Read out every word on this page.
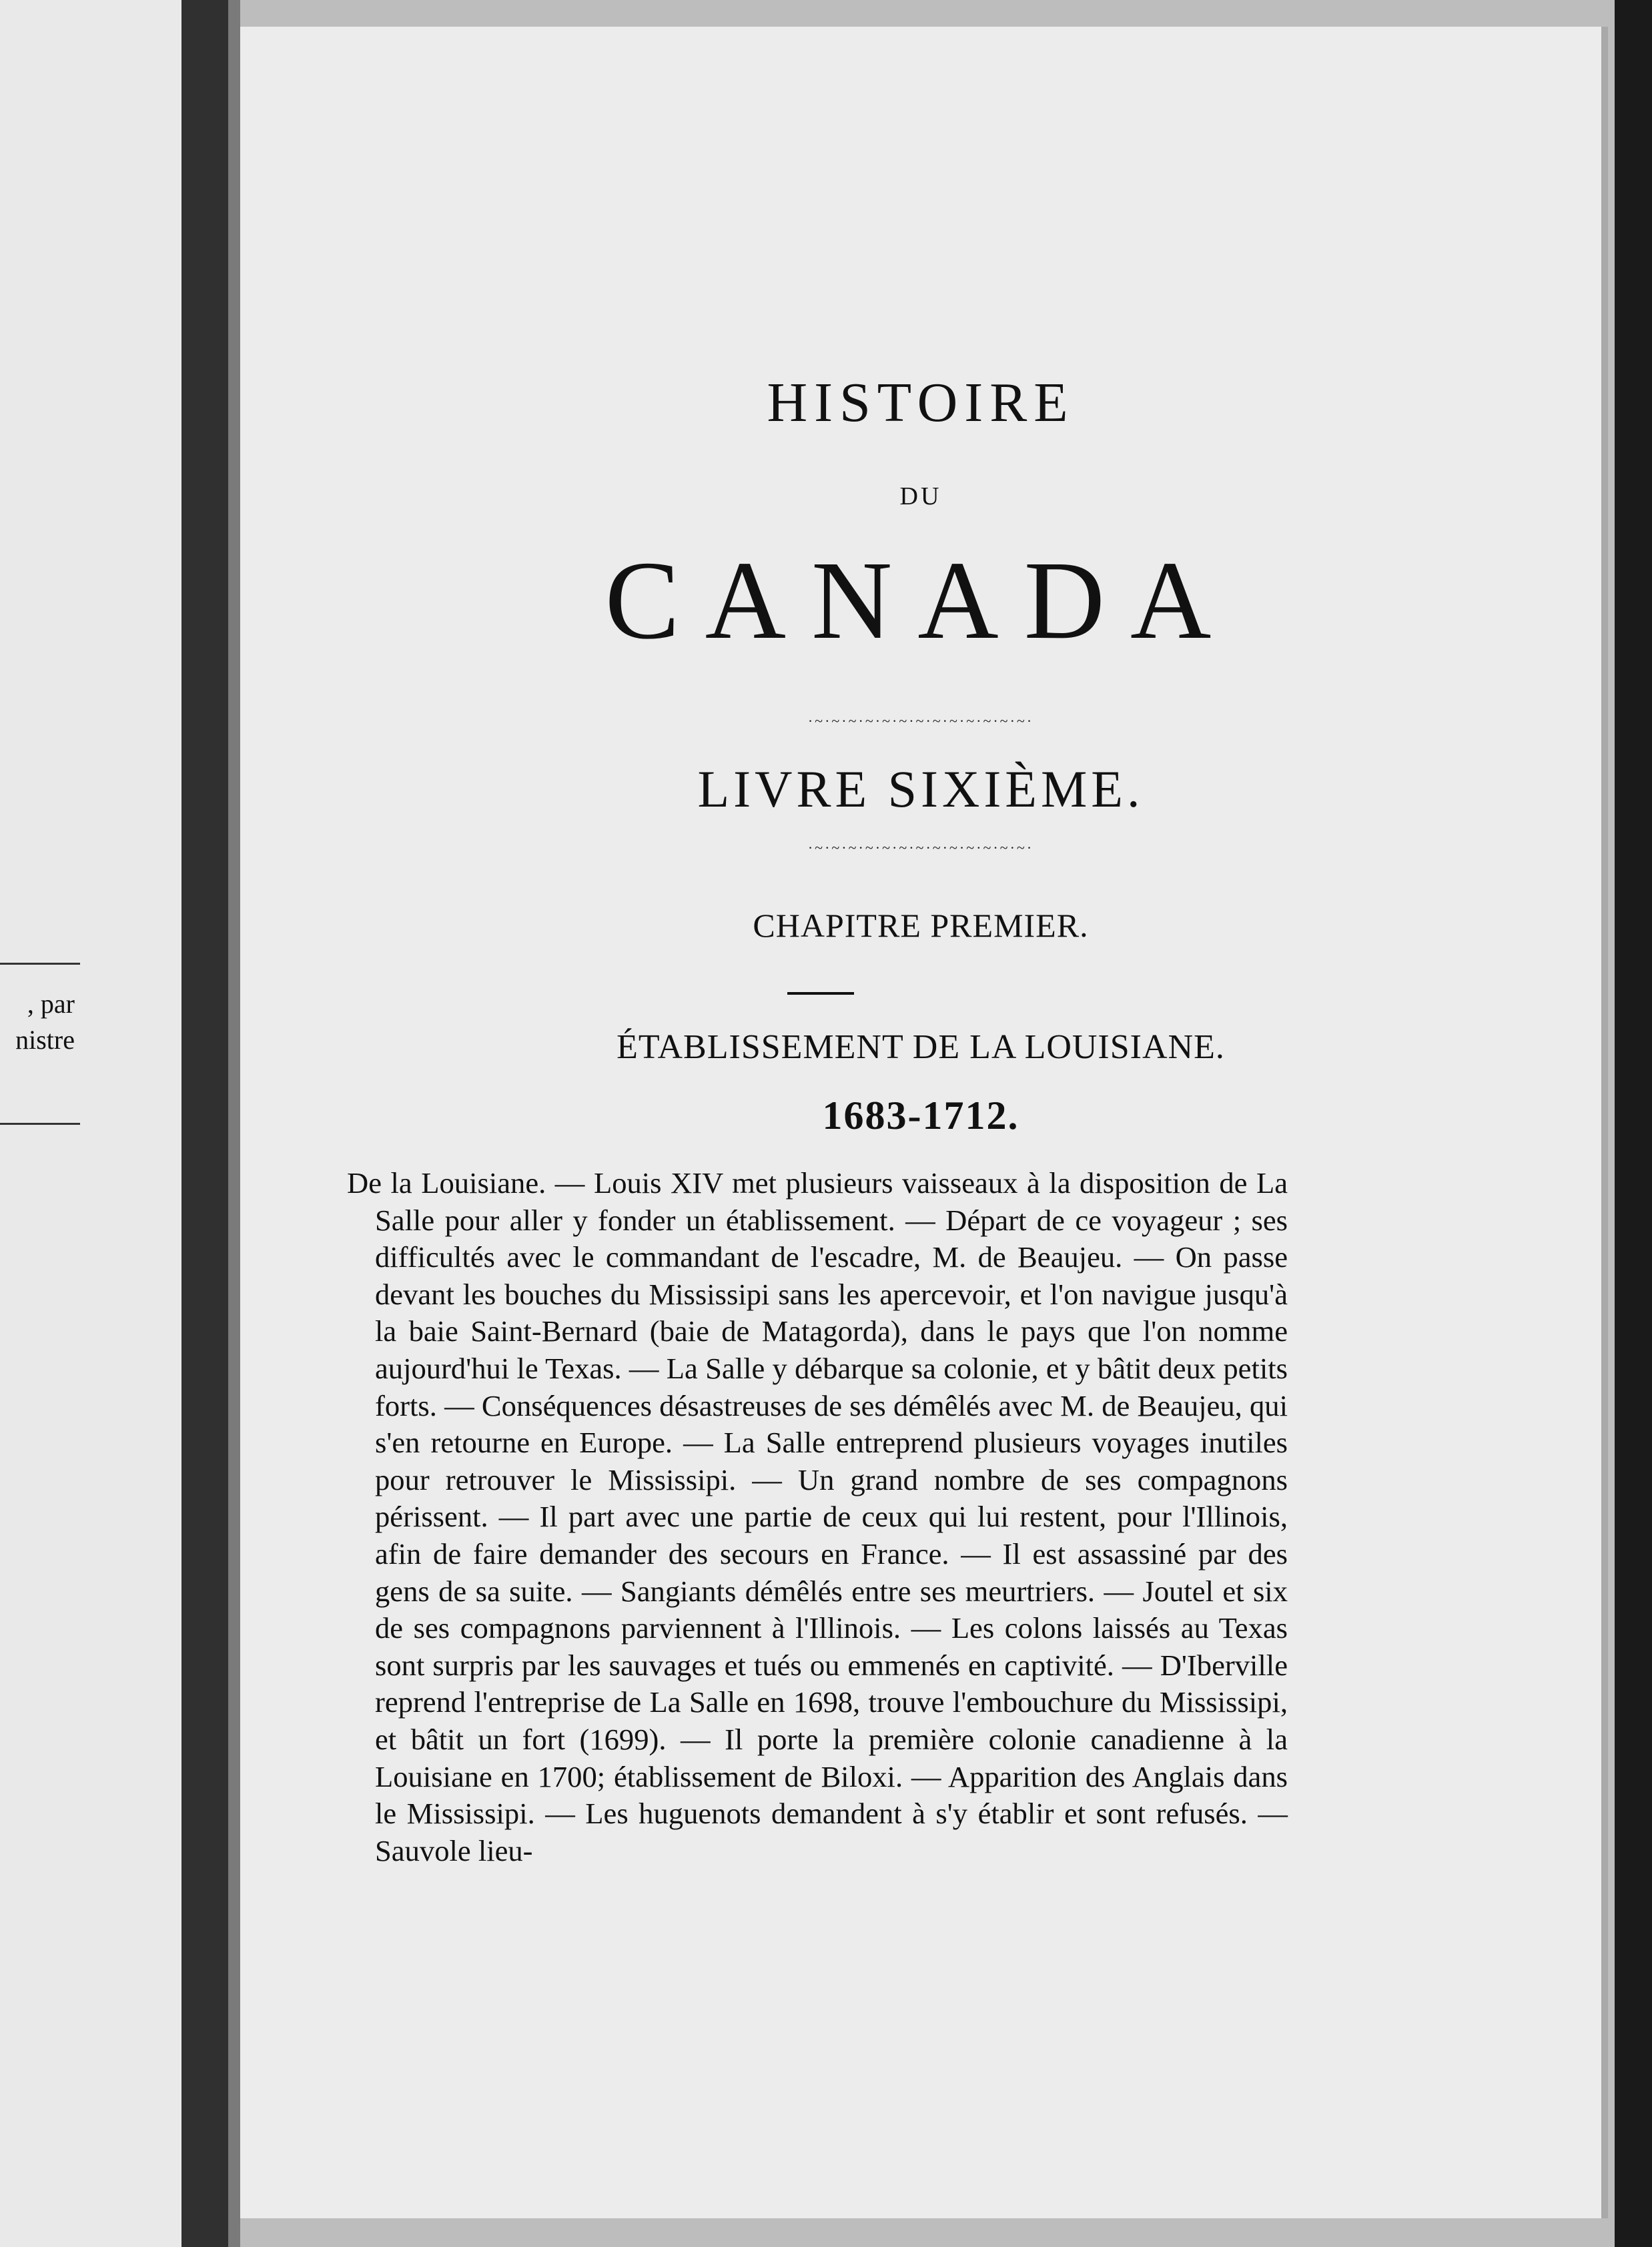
, par
nistre
HISTOIRE
DU
CANADA
·~·~·~·~·~·~·~·~·~·~·~·~·~·
LIVRE SIXIÈME.
·~·~·~·~·~·~·~·~·~·~·~·~·~·
CHAPITRE PREMIER.
ÉTABLISSEMENT DE LA LOUISIANE.
1683-1712.
De la Louisiane. — Louis XIV met plusieurs vaisseaux à la disposition de La Salle pour aller y fonder un établissement. — Départ de ce voyageur ; ses difficultés avec le commandant de l'escadre, M. de Beaujeu. — On passe devant les bouches du Mississipi sans les apercevoir, et l'on navigue jusqu'à la baie Saint-Bernard (baie de Matagorda), dans le pays que l'on nomme aujourd'hui le Texas. — La Salle y débarque sa colonie, et y bâtit deux petits forts. — Conséquences désastreuses de ses démêlés avec M. de Beaujeu, qui s'en retourne en Europe. — La Salle entreprend plusieurs voyages inutiles pour retrouver le Mississipi. — Un grand nombre de ses compagnons périssent. — Il part avec une partie de ceux qui lui restent, pour l'Illinois, afin de faire demander des secours en France. — Il est assassiné par des gens de sa suite. — Sangiants démêlés entre ses meurtriers. — Joutel et six de ses compagnons parviennent à l'Illinois. — Les colons laissés au Texas sont surpris par les sauvages et tués ou emmenés en captivité. — D'Iberville reprend l'entreprise de La Salle en 1698, trouve l'embouchure du Mississipi, et bâtit un fort (1699). — Il porte la première colonie canadienne à la Louisiane en 1700; établissement de Biloxi. — Apparition des Anglais dans le Mississipi. — Les huguenots demandent à s'y établir et sont refusés. — Sauvole lieu-
